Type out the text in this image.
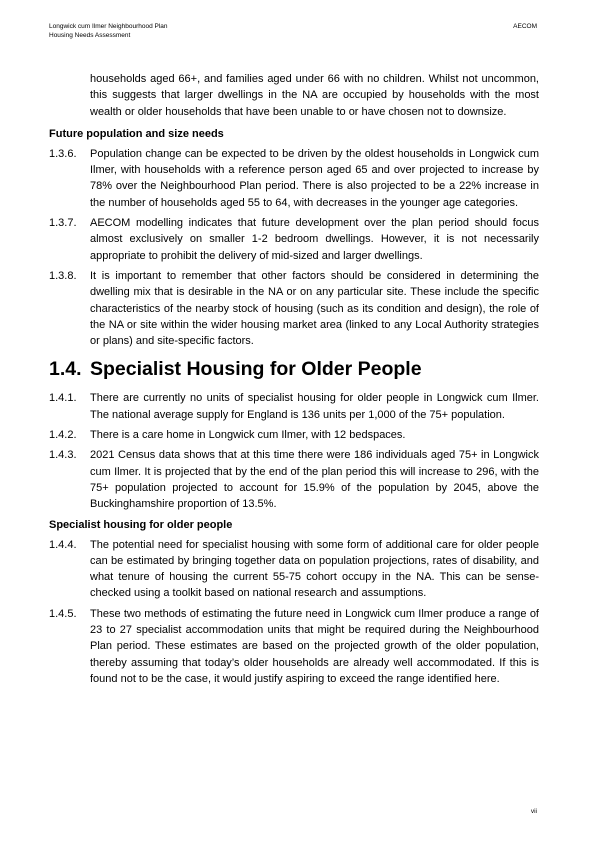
Longwick cum Ilmer Neighbourhood Plan
Housing Needs Assessment
AECOM

households aged 66+, and families aged under 66 with no children. Whilst not uncommon, this suggests that larger dwellings in the NA are occupied by households with the most wealth or older households that have been unable to or have chosen not to downsize.

Future population and size needs
1.3.6.	Population change can be expected to be driven by the oldest households in Longwick cum Ilmer, with households with a reference person aged 65 and over projected to increase by 78% over the Neighbourhood Plan period. There is also projected to be a 22% increase in the number of households aged 55 to 64, with decreases in the younger age categories.

1.3.7.	AECOM modelling indicates that future development over the plan period should focus almost exclusively on smaller 1-2 bedroom dwellings. However, it is not necessarily appropriate to prohibit the delivery of mid-sized and larger dwellings.

1.3.8.	It is important to remember that other factors should be considered in determining the dwelling mix that is desirable in the NA or on any particular site. These include the specific characteristics of the nearby stock of housing (such as its condition and design), the role of the NA or site within the wider housing market area (linked to any Local Authority strategies or plans) and site-specific factors.

1.4. Specialist Housing for Older People
1.4.1.	There are currently no units of specialist housing for older people in Longwick cum Ilmer. The national average supply for England is 136 units per 1,000 of the 75+ population.

1.4.2.	There is a care home in Longwick cum Ilmer, with 12 bedspaces.

1.4.3.	2021 Census data shows that at this time there were 186 individuals aged 75+ in Longwick cum Ilmer. It is projected that by the end of the plan period this will increase to 296, with the 75+ population projected to account for 15.9% of the population by 2045, above the Buckinghamshire proportion of 13.5%.

Specialist housing for older people
1.4.4.	The potential need for specialist housing with some form of additional care for older people can be estimated by bringing together data on population projections, rates of disability, and what tenure of housing the current 55-75 cohort occupy in the NA. This can be sense-checked using a toolkit based on national research and assumptions.

1.4.5.	These two methods of estimating the future need in Longwick cum Ilmer produce a range of 23 to 27 specialist accommodation units that might be required during the Neighbourhood Plan period. These estimates are based on the projected growth of the older population, thereby assuming that today’s older households are already well accommodated. If this is found not to be the case, it would justify aspiring to exceed the range identified here.

vii
